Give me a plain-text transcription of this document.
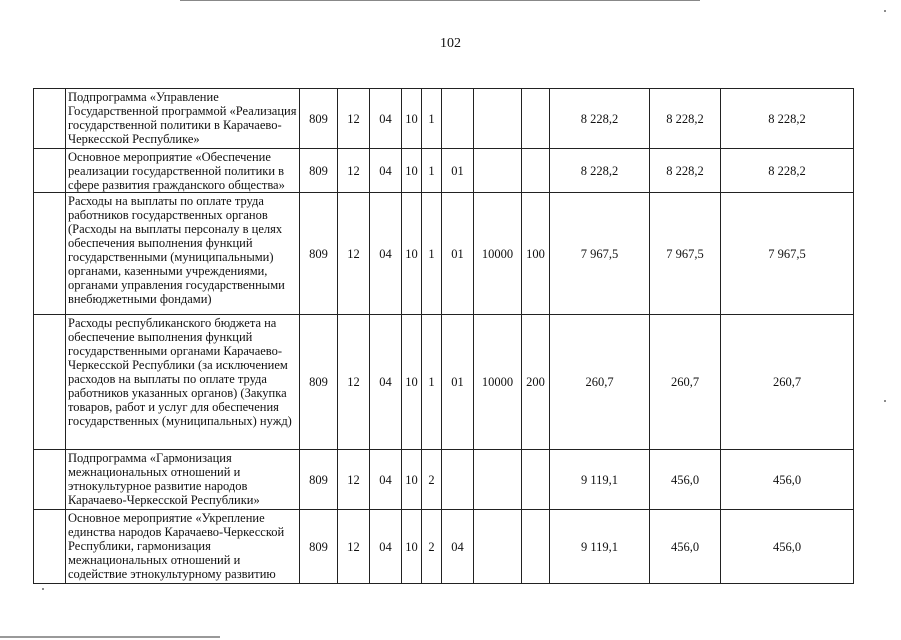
102
	Подпрограмма «Управление Государственной программой «Реализация государственной политики в Карачаево-Черкесской Республике»	809	12	04	10	1				8 228,2	8 228,2	8 228,2
	Основное мероприятие «Обеспечение реализации государственной политики в сфере развития гражданского общества»	809	12	04	10	1	01			8 228,2	8 228,2	8 228,2
	Расходы на выплаты по оплате труда работников государственных органов (Расходы на выплаты персоналу в целях обеспечения выполнения функций государственными (муниципальными) органами, казенными учреждениями, органами управления государственными внебюджетными фондами)	809	12	04	10	1	01	10000	100	7 967,5	7 967,5	7 967,5
	Расходы республиканского бюджета на обеспечение выполнения функций государственными органами Карачаево-Черкесской Республики (за исключением расходов на выплаты по оплате труда работников указанных органов) (Закупка товаров, работ и услуг для обеспечения государственных (муниципальных) нужд)	809	12	04	10	1	01	10000	200	260,7	260,7	260,7
	Подпрограмма «Гармонизация межнациональных отношений и этнокультурное развитие народов Карачаево-Черкесской Республики»	809	12	04	10	2				9 119,1	456,0	456,0
	Основное мероприятие «Укрепление единства народов Карачаево-Черкесской Республики, гармонизация межнациональных отношений и содействие этнокультурному развитию	809	12	04	10	2	04			9 119,1	456,0	456,0
